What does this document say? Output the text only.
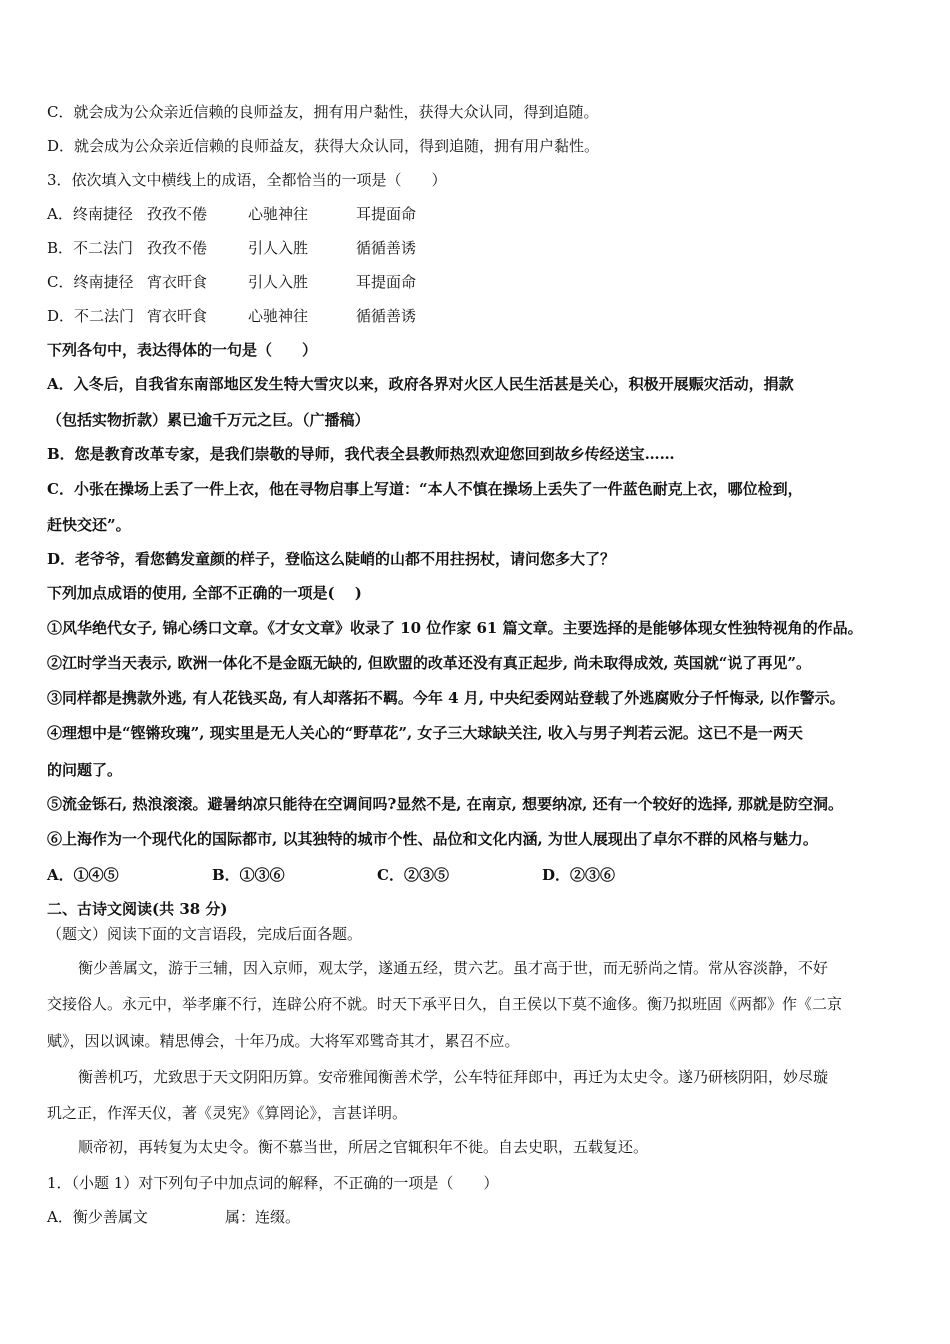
C．就会成为公众亲近信赖的良师益友，拥有用户黏性，获得大众认同，得到追随。
D．就会成为公众亲近信赖的良师益友，获得大众认同，得到追随，拥有用户黏性。
3．依次填入文中横线上的成语，全都恰当的一项是（　　）
A．终南捷径 孜孜不倦	心驰神往	耳提面命
B．不二法门 孜孜不倦	引人入胜	循循善诱
C．终南捷径 宵衣旰食	引人入胜	耳提面命
D．不二法门 宵衣旰食	心驰神往	循循善诱
下列各句中，表达得体的一句是（　　）
A．入冬后，自我省东南部地区发生特大雪灾以来，政府各界对火区人民生活甚是关心，积极开展赈灾活动，捐款
（包括实物折款）累已逾千万元之巨。（广播稿）
B．您是教育改革专家，是我们崇敬的导师，我代表全县教师热烈欢迎您回到故乡传经送宝……
C．小张在操场上丢了一件上衣，他在寻物启事上写道：“本人不慎在操场上丢失了一件蓝色耐克上衣，哪位检到，
赶快交还”。
D．老爷爷，看您鹤发童颜的样子，登临这么陡峭的山都不用拄拐杖，请问您多大了？
下列加点成语的使用, 全部不正确的一项是(　 )
①风华绝代女子, 锦心绣口文章。《才女文章》收录了 10 位作家 61 篇文章。主要选择的是能够体现女性独特视角的作品。
②江时学当天表示, 欧洲一体化不是金瓯无缺的, 但欧盟的改革还没有真正起步, 尚未取得成效, 英国就“说了再见”。
③同样都是携款外逃, 有人花钱买岛, 有人却落拓不羁。今年 4 月, 中央纪委网站登载了外逃腐败分子忏悔录, 以作警示。
④理想中是“铿锵玫瑰”, 现实里是无人关心的“野草花”, 女子三大球缺关注, 收入与男子判若云泥。这已不是一两天
的问题了。
⑤流金铄石, 热浪滚滚。避暑纳凉只能待在空调间吗?显然不是, 在南京, 想要纳凉, 还有一个较好的选择, 那就是防空洞。
⑥上海作为一个现代化的国际都市, 以其独特的城市个性、品位和文化内涵, 为世人展现出了卓尔不群的风格与魅力。
A．①④⑤	B．①③⑥	C．②③⑤	D．②③⑥
二、古诗文阅读(共 38 分)
（题文）阅读下面的文言语段，完成后面各题。
衡少善属文，游于三辅，因入京师，观太学，遂通五经，贯六艺。虽才高于世，而无骄尚之情。常从容淡静，不好
交接俗人。永元中，举孝廉不行，连辟公府不就。时天下承平日久，自王侯以下莫不逾侈。衡乃拟班固《两都》作《二京
赋》，因以讽谏。精思傅会，十年乃成。大将军邓骘奇其才，累召不应。
衡善机巧，尤致思于天文阴阳历算。安帝雅闻衡善术学，公车特征拜郎中，再迁为太史令。遂乃研核阴阳，妙尽璇
玑之正，作浑天仪，著《灵宪》《算罔论》，言甚详明。
顺帝初，再转复为太史令。衡不慕当世，所居之官辄积年不徙。自去史职，五载复还。
1．（小题 1）对下列句子中加点词的解释，不正确的一项是（　　）
A．衡少善属文	属：连缀。
